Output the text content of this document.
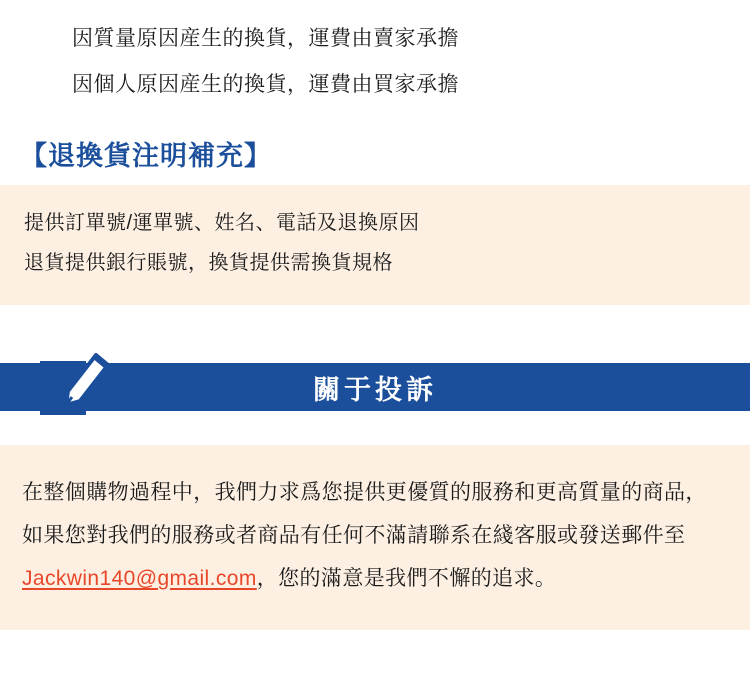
因質量原因産生的換貨，運費由賣家承擔
因個人原因産生的換貨，運費由買家承擔
【退換貨注明補充】
提供訂單號/運單號、姓名、電話及退換原因
退貨提供銀行賬號，換貨提供需換貨規格
關于投訴
在整個購物過程中，我們力求爲您提供更優質的服務和更高質量的商品，如果您對我們的服務或者商品有任何不滿請聯系在綫客服或發送郵件至Jackwin140@gmail.com，您的滿意是我們不懈的追求。
